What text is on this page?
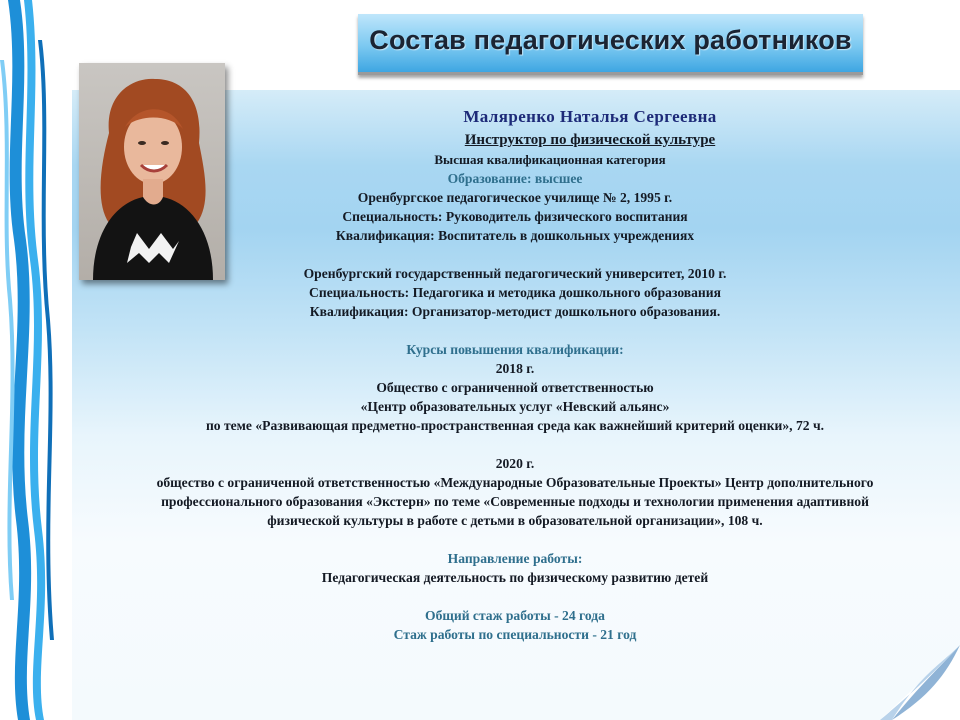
Состав педагогических работников
Маляренко Наталья Сергеевна
Инструктор по физической культуре
Высшая квалификационная категория
Образование: высшее
Оренбургское педагогическое училище № 2, 1995 г.
Специальность: Руководитель физического воспитания
Квалификация: Воспитатель в дошкольных учреждениях
Оренбургский государственный педагогический университет, 2010 г.
Специальность: Педагогика и методика дошкольного образования
Квалификация: Организатор-методист дошкольного образования.
Курсы повышения квалификации:
2018 г.
Общество с ограниченной ответственностью
«Центр образовательных услуг «Невский альянс»
по теме «Развивающая предметно-пространственная среда как важнейший критерий оценки», 72 ч.
2020 г.
общество с ограниченной ответственностью «Международные Образовательные Проекты» Центр дополнительного
профессионального образования «Экстерн» по теме «Современные подходы и технологии применения адаптивной
физической культуры в работе с детьми в образовательной организации», 108 ч.
Направление работы:
Педагогическая деятельность по физическому развитию детей
Общий стаж работы - 24 года
Стаж работы по специальности - 21 год
